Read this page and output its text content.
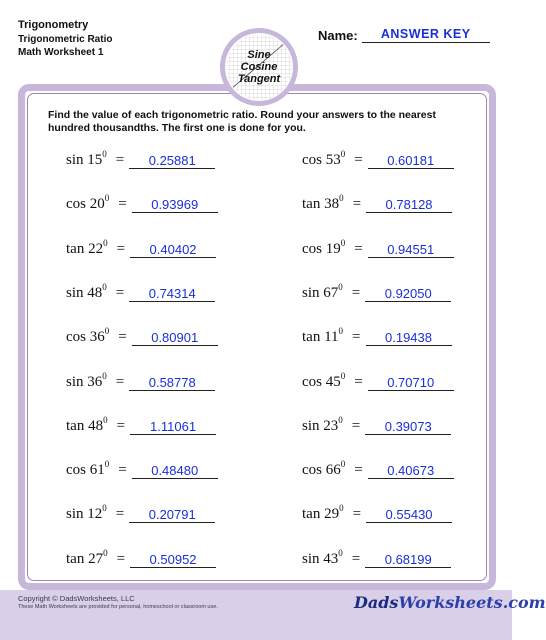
Trigonometry
Trigonometric Ratio
Math Worksheet 1
Name:	ANSWER KEY
Sine
Cosine
Tangent
Find the value of each trigonometric ratio. Round your answers to the nearest hundred thousandths. The first one is done for you.
$\sin 15^0$ =	0.25881
$\cos 20^0$ =	0.93969
$\tan 22^0$ =	0.40402
$\sin 48^0$ =	0.74314
$\cos 36^0$ =	0.80901
$\sin 36^0$ =	0.58778
$\tan 48^0$ =	1.11061
$\cos 61^0$ =	0.48480
$\sin 12^0$ =	0.20791
$\tan 27^0$ =	0.50952
$\cos 53^0$ =	0.60181
$\tan 38^0$ =	0.78128
$\cos 19^0$ =	0.94551
$\sin 67^0$ =	0.92050
$\tan 11^0$ =	0.19438
$\cos 45^0$ =	0.70710
$\sin 23^0$ =	0.39073
$\cos 66^0$ =	0.40673
$\tan 29^0$ =	0.55430
$\sin 43^0$ =	0.68199
Copyright © DadsWorksheets, LLC
These Math Worksheets are provided for personal, homeschool or classroom use.	DadsWorksheets.com
